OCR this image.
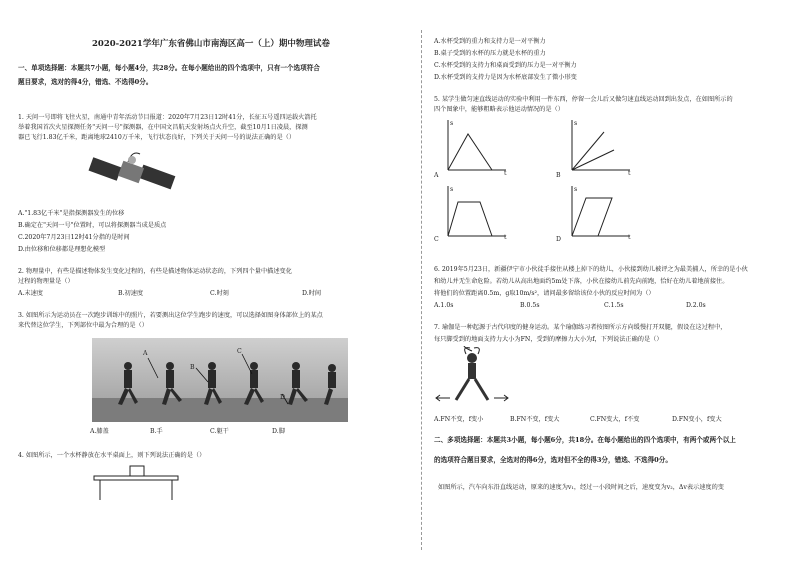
2020-2021学年广东省佛山市南海区高一（上）期中物理试卷
一、单项选择题：本题共7小题，每小题4分，共28分。在每小题给出的四个选项中，只有一个选项符合
题目要求，选对的得4分，错选、不选得0分。
1. 天问一号即将飞往火星，南通中青年活动节目报道：2020年7月23日12时41分，长征五号遥四运载火箭托
举着我国首次火星探测任务"天问一号"探测器，在中国文昌航天发射场点火升空，截至10月1日凌晨，探测
器已飞行1.83亿千米，距离地球2410万千米，飞行状态良好，下列关于天问一号的说法正确的是（）
A."1.83亿千米"是指探测器发生的位移
B.确定在"天问一号"位置时，可以将探测器当成是质点
C.2020年7月23日12时41分指的是时间
D.由位移和位移都是理想化模型
2. 物理量中，有些是描述物体发生变化过程的，有些是描述物体运动状态的，下列四个量中描述变化
过程的物理量是（）
A.末速度	B.初速度	C.时刻	D.时间
3. 如图所示为运动员在一次跑步训练中的照片，若要测出这位学生跑步的速度，可以选择如图身体部位上的某点
来代替这位学生，下列部位中最为合理的是（）
A
B
C
D
A.膝盖	B.手	C.躯干	D.脚
4. 如图所示，一个水杯静放在水平桌面上，则下列说法正确的是（）
A.水杯受到的重力和支持力是一对平衡力
B.桌子受到的水杯的压力就是水杯的重力
C.水杯受到的支持力和桌面受到的压力是一对平衡力
D.水杯受到的支持力是因为水杯底部发生了微小形变
5. 某学生做匀速直线运动的实验中利用一件东西，停留一会儿后又做匀速直线运动回到出发点，在如图所示的
四个图象中，能够粗略表示他运动情况的是（）
A
s
t	B
s
t
C
s
t	D
s
t
6. 2019年5月23日，新疆伊宁市小伙徒手接住从楼上掉下的幼儿，小伙接到幼儿被评之为最美捕人，所幸的是小伙
和幼儿并无生命危险。若幼儿从高出地面约5m处下落，小伙在接幼儿前先向前跑，恰好在幼儿着地前接住。
将他们的位置距离0.5m，g取10m/s²，请问最多留给该位小伙的反应时间为（）
A.1.0s	B.0.5s	C.1.5s	D.2.0s
7. 瑜伽是一种起源于古代印度的健身运动。某个瑜伽练习者按图所示方向缓慢打开双腿，假设在这过程中，
每只脚受到的地面支持力大小为FN，受到的摩擦力大小为f，下列说法正确的是（）
A.FN不变，f变小	B.FN不变，f变大	C.FN变大，f不变	D.FN变小，f变大
二、多项选择题：本题共3小题，每小题6分，共18分。在每小题给出的四个选项中，有两个或两个以上
的选项符合题目要求，全选对的得6分，选对但不全的得3分，错选、不选得0分。
如图所示，汽车向东沿直线运动，原来的速度为v₁，经过一小段时间之后，速度变为v₂，Δv表示速度的变
